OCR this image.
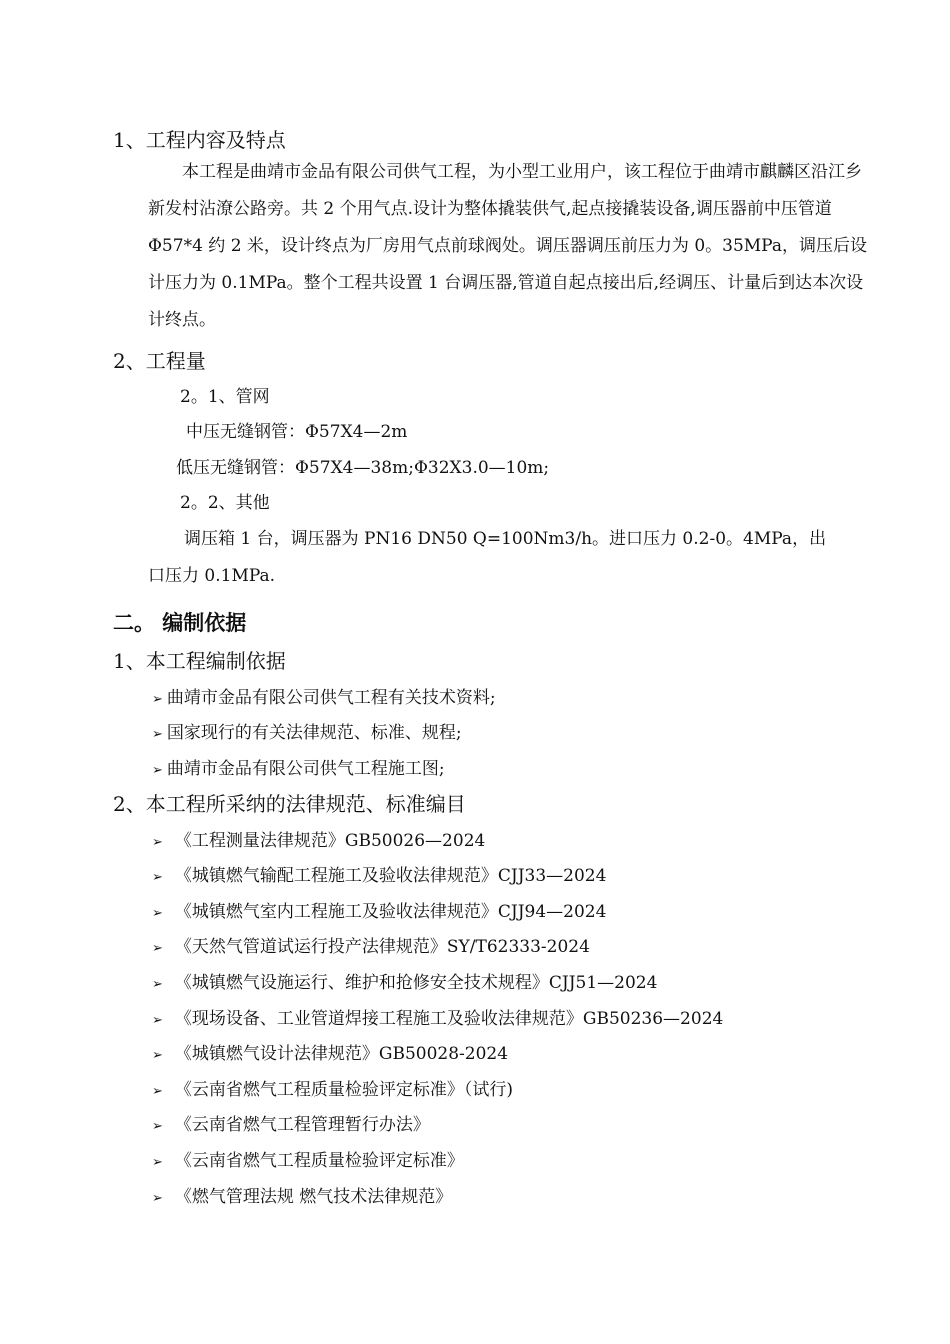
1、工程内容及特点
本工程是曲靖市金品有限公司供气工程，为小型工业用户，该工程位于曲靖市麒麟区沿江乡新发村沾潦公路旁。共 2 个用气点.设计为整体撬装供气,起点接撬装设备,调压器前中压管道 Φ57*4 约 2 米，设计终点为厂房用气点前球阀处。调压器调压前压力为 0。35MPa，调压后设计压力为 0.1MPa。整个工程共设置 1 台调压器,管道自起点接出后,经调压、计量后到达本次设计终点。
2、工程量
2。1、管网
中压无缝钢管：Φ57X4—2m
低压无缝钢管：Φ57X4—38m;Φ32X3.0—10m;
2。2、其他
调压箱 1 台，调压器为 PN16 DN50 Q=100Nm3/h。进口压力 0.2-0。4MPa，出
口压力 0.1MPa.
二。 编制依据
1、本工程编制依据
➢ 曲靖市金品有限公司供气工程有关技术资料;
➢ 国家现行的有关法律规范、标准、规程;
➢ 曲靖市金品有限公司供气工程施工图;
2、本工程所采纳的法律规范、标准编目
➢ 《工程测量法律规范》GB50026—2024
➢ 《城镇燃气输配工程施工及验收法律规范》CJJ33—2024
➢ 《城镇燃气室内工程施工及验收法律规范》CJJ94—2024
➢ 《天然气管道试运行投产法律规范》SY/T62333-2024
➢ 《城镇燃气设施运行、维护和抢修安全技术规程》CJJ51—2024
➢ 《现场设备、工业管道焊接工程施工及验收法律规范》GB50236—2024
➢ 《城镇燃气设计法律规范》GB50028-2024
➢ 《云南省燃气工程质量检验评定标准》（试行)
➢ 《云南省燃气工程管理暂行办法》
➢ 《云南省燃气工程质量检验评定标准》
➢ 《燃气管理法规 燃气技术法律规范》
